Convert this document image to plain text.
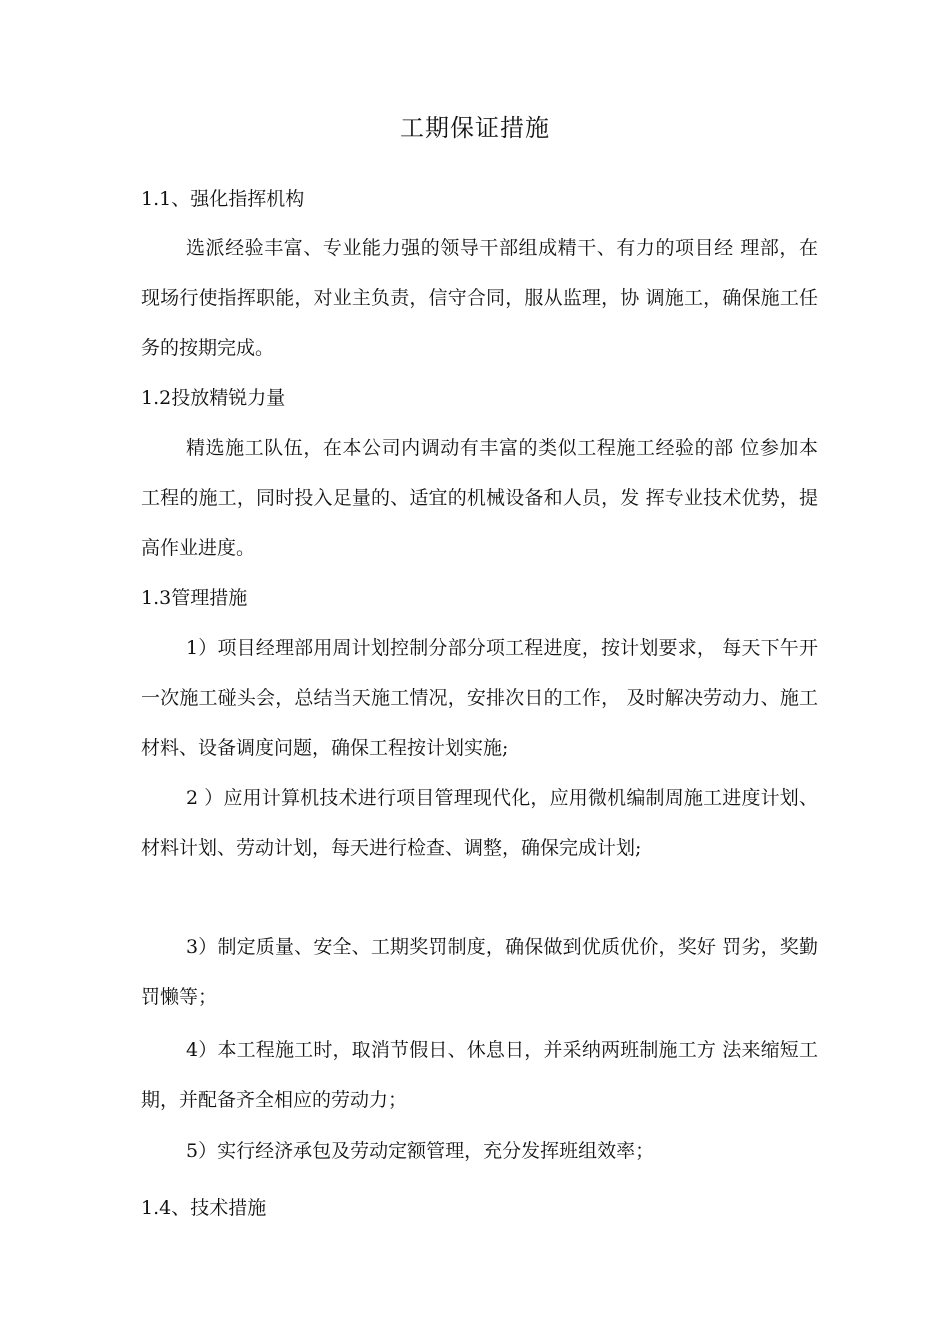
工期保证措施
1.1、强化指挥机构
选派经验丰富、专业能力强的领导干部组成精干、有力的项目经 理部，在现场行使指挥职能，对业主负责，信守合同，服从监理，协 调施工，确保施工任务的按期完成。
1.2投放精锐力量
精选施工队伍，在本公司内调动有丰富的类似工程施工经验的部 位参加本工程的施工，同时投入足量的、适宜的机械设备和人员，发 挥专业技术优势，提高作业进度。
1.3管理措施
1）项目经理部用周计划控制分部分项工程进度，按计划要求， 每天下午开一次施工碰头会，总结当天施工情况，安排次日的工作， 及时解决劳动力、施工材料、设备调度问题，确保工程按计划实施;
2 ）应用计算机技术进行项目管理现代化，应用微机编制周施工进度计划、材料计划、劳动计划，每天进行检查、调整，确保完成计划;
3）制定质量、安全、工期奖罚制度，确保做到优质优价，奖好 罚劣，奖勤罚懒等；
4）本工程施工时，取消节假日、休息日，并采纳两班制施工方 法来缩短工期，并配备齐全相应的劳动力；
5）实行经济承包及劳动定额管理，充分发挥班组效率；
1.4、技术措施
